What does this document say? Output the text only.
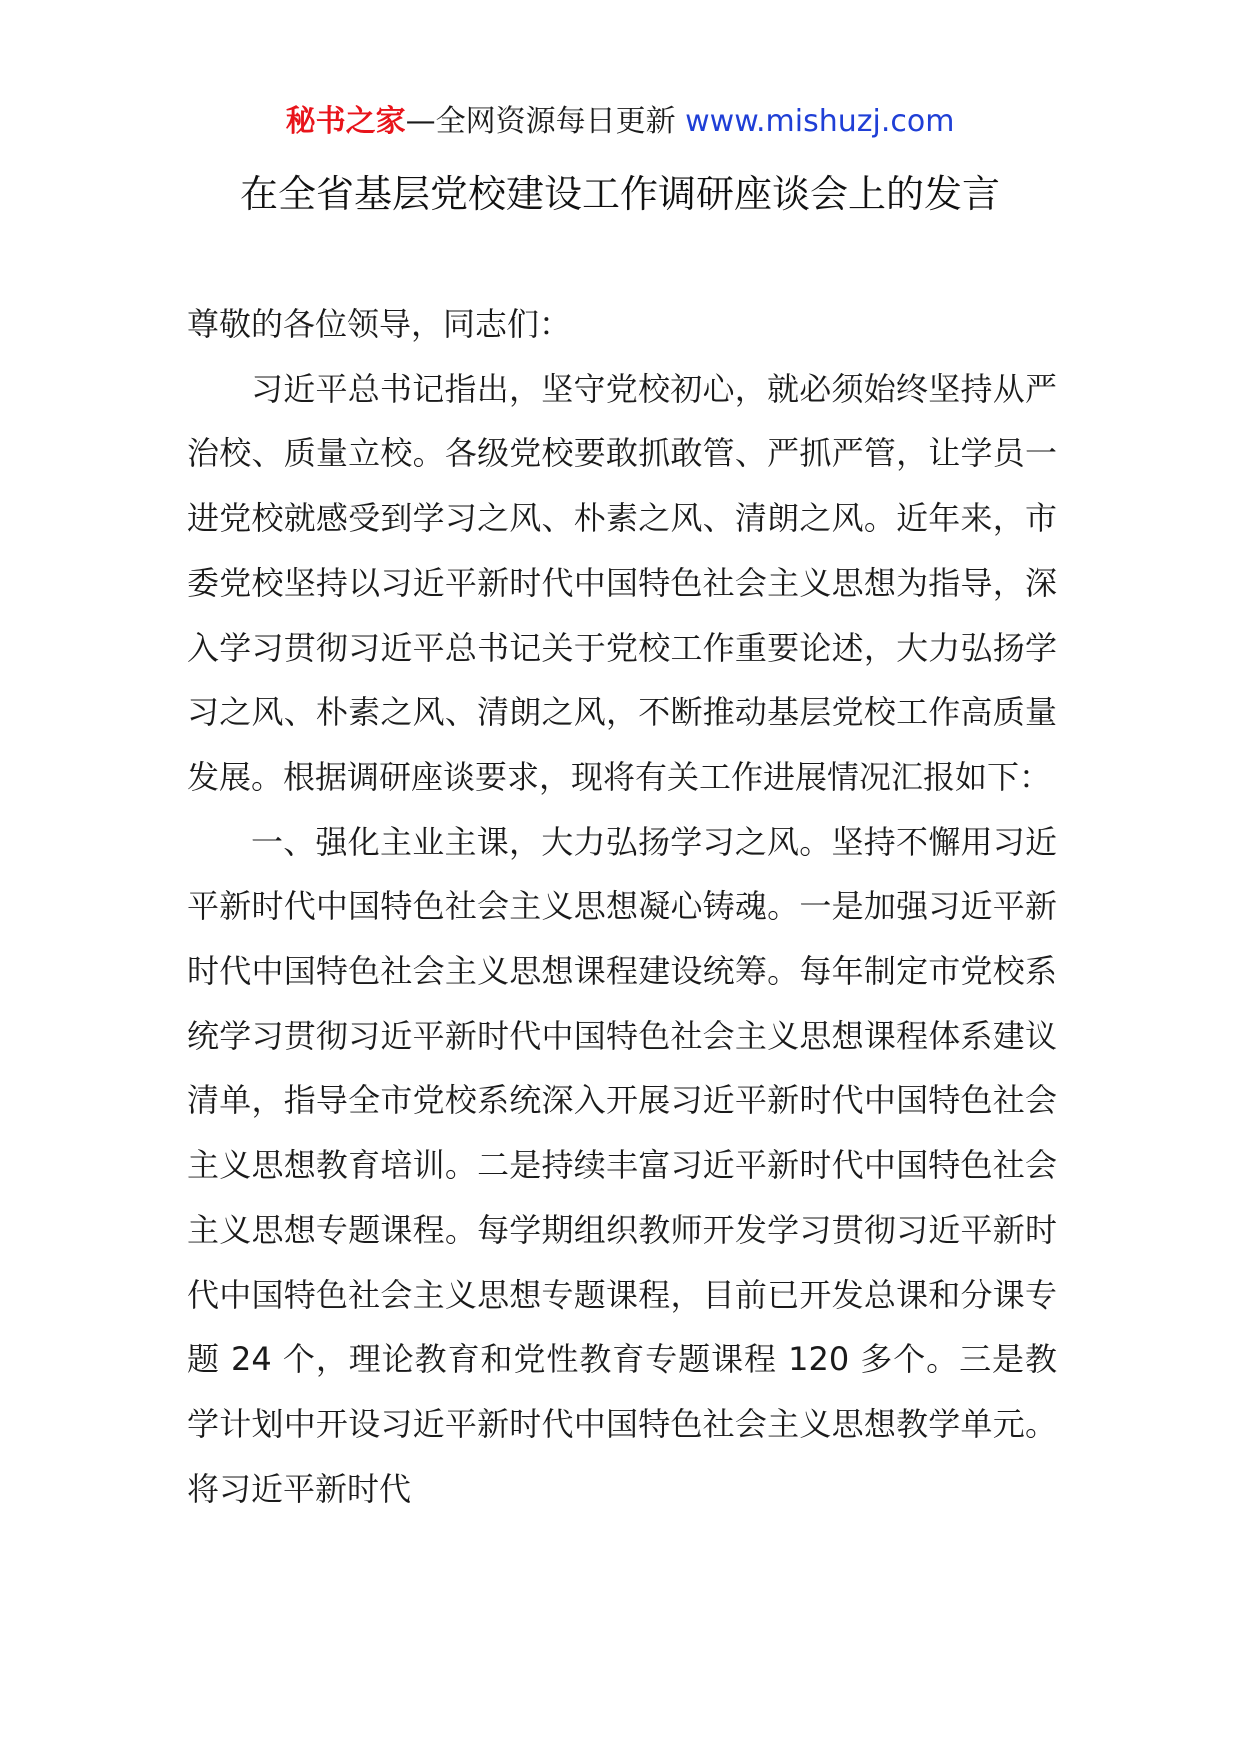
秘书之家—全网资源每日更新 www.mishuzj.com
在全省基层党校建设工作调研座谈会上的发言

尊敬的各位领导，同志们：

习近平总书记指出，坚守党校初心，就必须始终坚持从严治校、质量立校。各级党校要敢抓敢管、严抓严管，让学员一进党校就感受到学习之风、朴素之风、清朗之风。近年来，市委党校坚持以习近平新时代中国特色社会主义思想为指导，深入学习贯彻习近平总书记关于党校工作重要论述，大力弘扬学习之风、朴素之风、清朗之风，不断推动基层党校工作高质量发展。根据调研座谈要求，现将有关工作进展情况汇报如下：

一、强化主业主课，大力弘扬学习之风。坚持不懈用习近平新时代中国特色社会主义思想凝心铸魂。一是加强习近平新时代中国特色社会主义思想课程建设统筹。每年制定市党校系统学习贯彻习近平新时代中国特色社会主义思想课程体系建议清单，指导全市党校系统深入开展习近平新时代中国特色社会主义思想教育培训。二是持续丰富习近平新时代中国特色社会主义思想专题课程。每学期组织教师开发学习贯彻习近平新时代中国特色社会主义思想专题课程，目前已开发总课和分课专题 24 个，理论教育和党性教育专题课程 120 多个。三是教学计划中开设习近平新时代中国特色社会主义思想教学单元。将习近平新时代
